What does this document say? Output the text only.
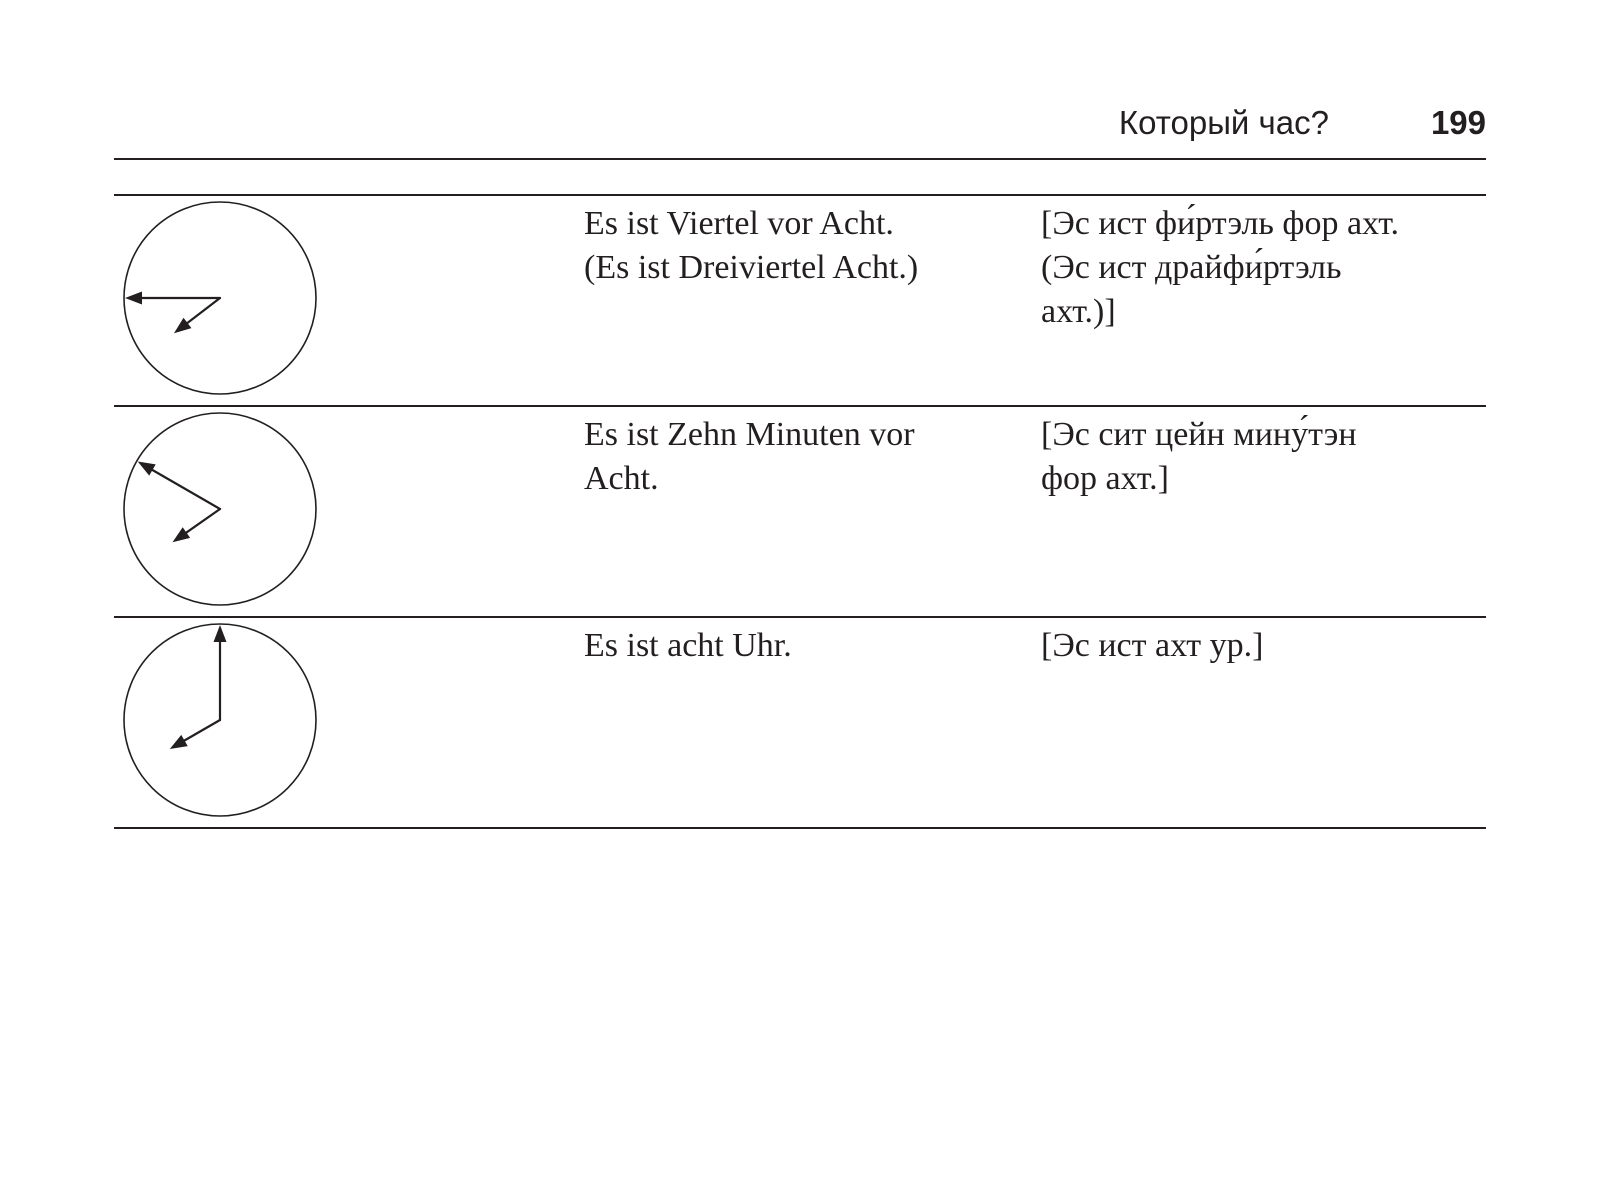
Который час?	199
Es ist Viertel vor Acht.
(Es ist Dreiviertel Acht.)
[Эс ист фи́ртэль фор ахт.
(Эс ист драйфи́ртэль
ахт.)]
Es ist Zehn Minuten vor
Acht.
[Эс сит цейн мину́тэн
фор ахт.]
Es ist acht Uhr.	[Эс ист ахт ур.]
